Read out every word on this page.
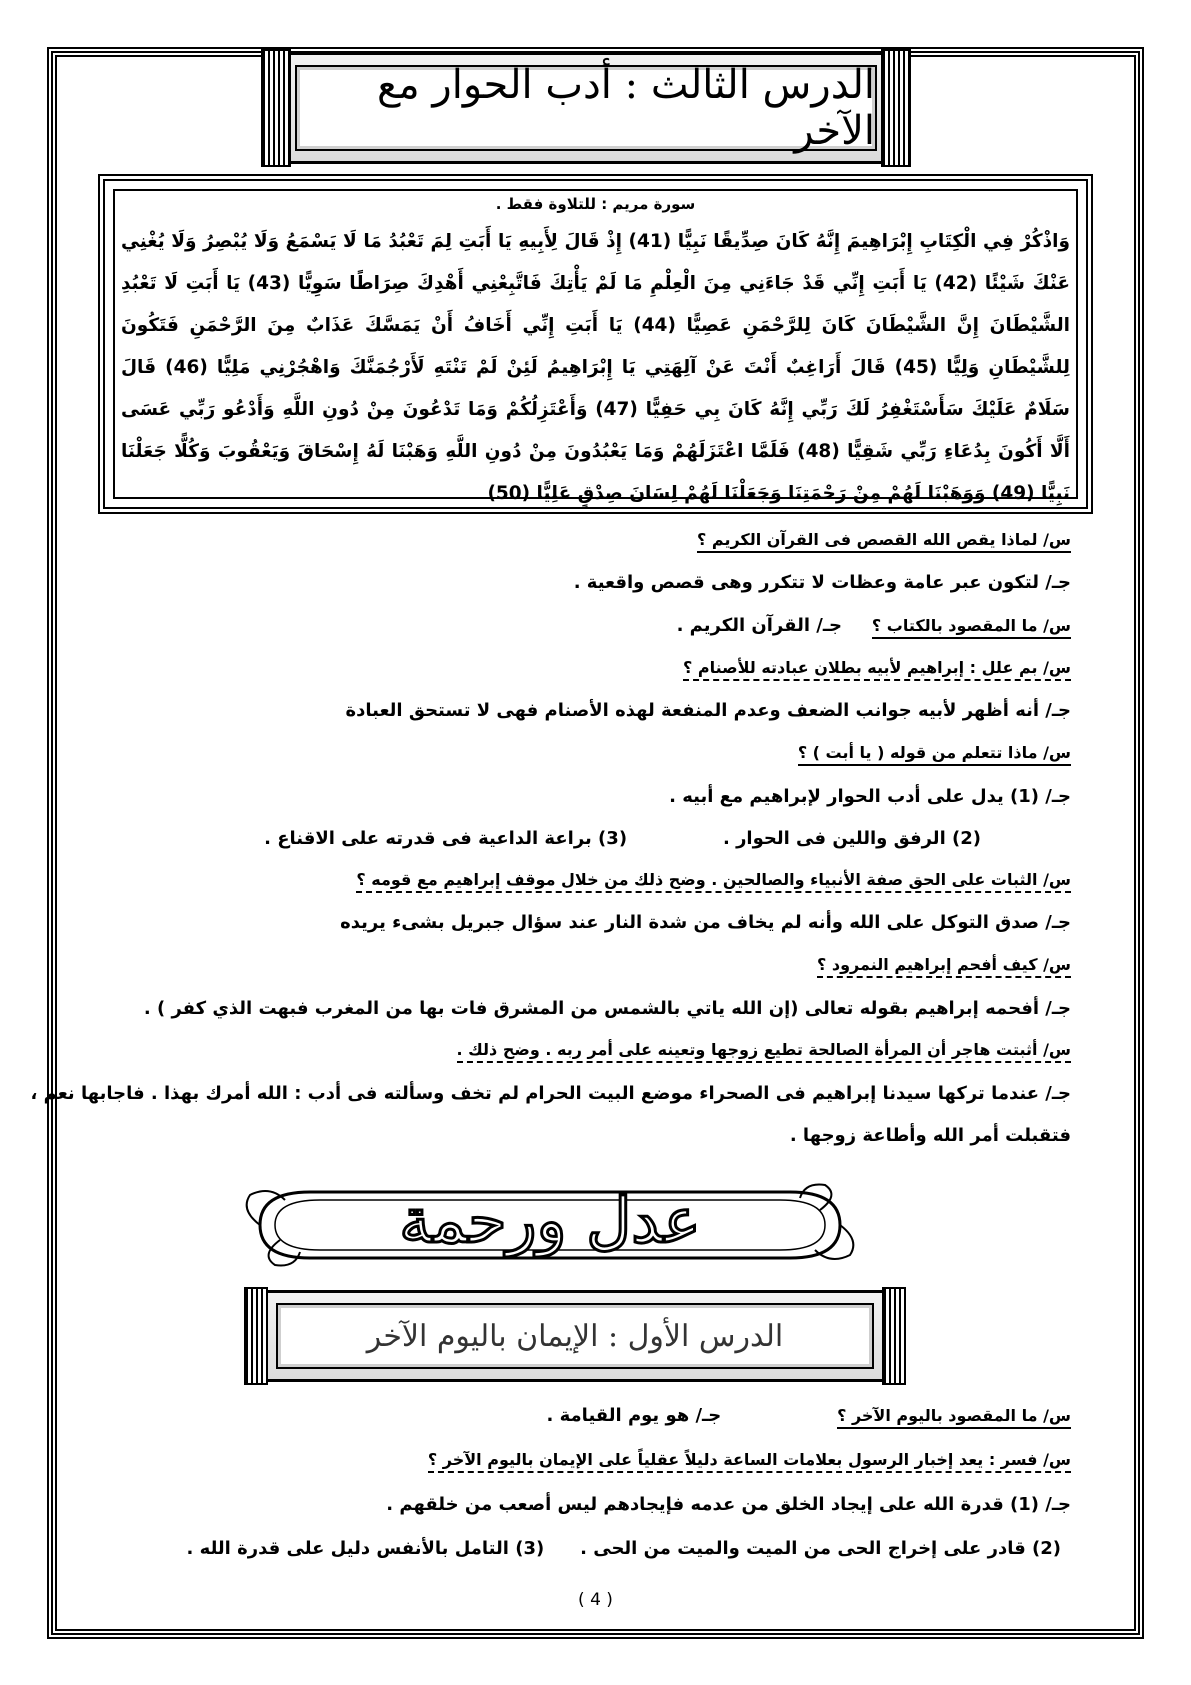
الدرس الثالث : أدب الحوار مع الآخر
سورة مريم : للتلاوة فقط .
وَاذْكُرْ فِي الْكِتَابِ إِبْرَاهِيمَ إِنَّهُ كَانَ صِدِّيقًا نَبِيًّا (41) إِذْ قَالَ لِأَبِيهِ يَا أَبَتِ لِمَ تَعْبُدُ مَا لَا يَسْمَعُ وَلَا يُبْصِرُ وَلَا يُغْنِي عَنْكَ شَيْئًا (42) يَا أَبَتِ إِنِّي قَدْ جَاءَنِي مِنَ الْعِلْمِ مَا لَمْ يَأْتِكَ فَاتَّبِعْنِي أَهْدِكَ صِرَاطًا سَوِيًّا (43) يَا أَبَتِ لَا تَعْبُدِ الشَّيْطَانَ إِنَّ الشَّيْطَانَ كَانَ لِلرَّحْمَنِ عَصِيًّا (44) يَا أَبَتِ إِنِّي أَخَافُ أَنْ يَمَسَّكَ عَذَابٌ مِنَ الرَّحْمَنِ فَتَكُونَ لِلشَّيْطَانِ وَلِيًّا (45) قَالَ أَرَاغِبٌ أَنْتَ عَنْ آلِهَتِي يَا إِبْرَاهِيمُ لَئِنْ لَمْ تَنْتَهِ لَأَرْجُمَنَّكَ وَاهْجُرْنِي مَلِيًّا (46) قَالَ سَلَامٌ عَلَيْكَ سَأَسْتَغْفِرُ لَكَ رَبِّي إِنَّهُ كَانَ بِي حَفِيًّا (47) وَأَعْتَزِلُكُمْ وَمَا تَدْعُونَ مِنْ دُونِ اللَّهِ وَأَدْعُو رَبِّي عَسَى أَلَّا أَكُونَ بِدُعَاءِ رَبِّي شَقِيًّا (48) فَلَمَّا اعْتَزَلَهُمْ وَمَا يَعْبُدُونَ مِنْ دُونِ اللَّهِ وَهَبْنَا لَهُ إِسْحَاقَ وَيَعْقُوبَ وَكُلًّا جَعَلْنَا نَبِيًّا (49) وَوَهَبْنَا لَهُمْ مِنْ رَحْمَتِنَا وَجَعَلْنَا لَهُمْ لِسَانَ صِدْقٍ عَلِيًّا (50)
س/ لماذا يقص الله القصص فى القرآن الكريم ؟
جـ/ لتكون عبر عامة وعظات لا تتكرر وهى قصص واقعية .
س/ ما المقصود بالكتاب ؟ جـ/ القرآن الكريم .
س/ بم علل : إبراهيم لأبيه بطلان عبادته للأصنام ؟
جـ/ أنه أظهر لأبيه جوانب الضعف وعدم المنفعة لهذه الأصنام فهى لا تستحق العبادة
س/ ماذا تتعلم من قوله ( يا أبت ) ؟
جـ/ (1) يدل على أدب الحوار لإبراهيم مع أبيه .
(2) الرفق واللين فى الحوار . (3) براعة الداعية فى قدرته على الاقناع .
س/ الثبات على الحق صفة الأنبياء والصالحين . وضح ذلك من خلال موقف إبراهيم مع قومه ؟
جـ/ صدق التوكل على الله وأنه لم يخاف من شدة النار عند سؤال جبريل بشىء يريده
س/ كيف أفحم إبراهيم النمرود ؟
جـ/ أفحمه إبراهيم بقوله تعالى (إن الله ياتي بالشمس من المشرق فات بها من المغرب فبهت الذي كفر ) .
س/ أثبتت هاجر أن المرأة الصالحة تطيع زوجها وتعينه على أمر ربه . وضح ذلك .
جـ/ عندما تركها سيدنا إبراهيم فى الصحراء موضع البيت الحرام لم تخف وسألته فى أدب : الله أمرك بهذا . فاجابها نعم ،
فتقبلت أمر الله وأطاعة زوجها .
عدل ورحمة
الدرس الأول : الإيمان باليوم الآخر
س/ ما المقصود باليوم الآخر ؟ جـ/ هو يوم القيامة .
س/ فسر : يعد إخبار الرسول بعلامات الساعة دليلاً عقلياً على الإيمان باليوم الآخر ؟
جـ/ (1) قدرة الله على إيجاد الخلق من عدمه فإيجادهم ليس أصعب من خلقهم .
(2) قادر على إخراج الحى من الميت والميت من الحى . (3) التامل بالأنفس دليل على قدرة الله .
( 4 )
